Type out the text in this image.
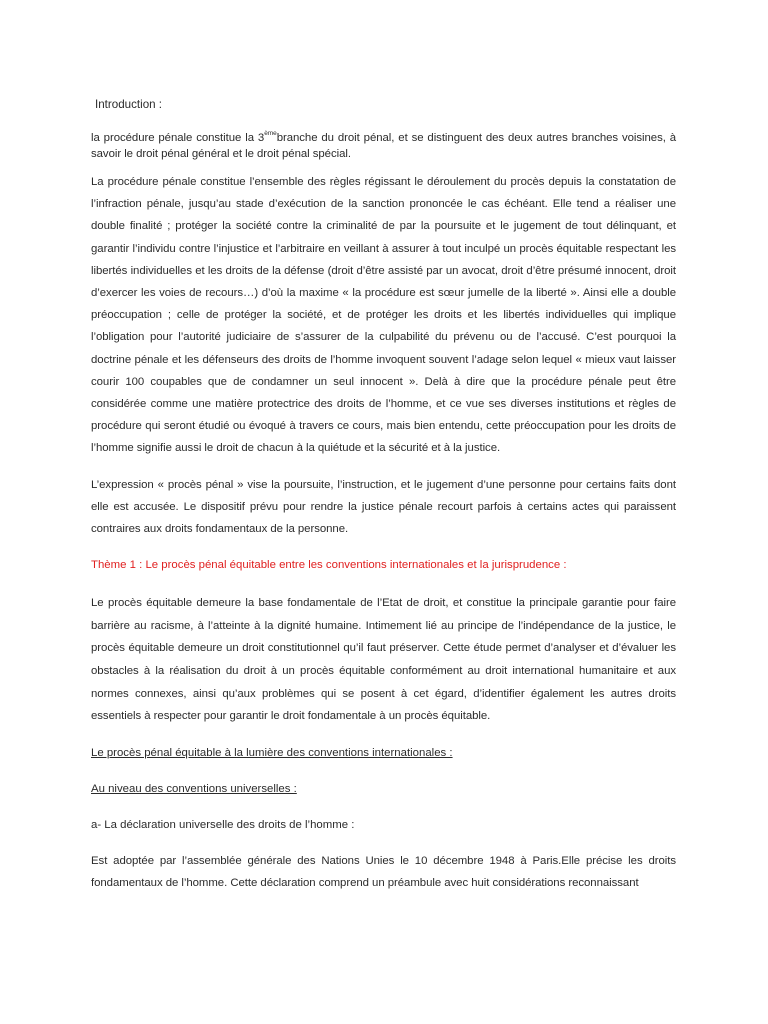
Introduction :

la procédure pénale constitue la 3èmebranche du droit pénal, et se distinguent des deux autres branches voisines, à savoir le droit pénal général et le droit pénal spécial.

La procédure pénale constitue l’ensemble des règles régissant le déroulement du procès depuis la constatation de l’infraction pénale, jusqu’au stade d’exécution de la sanction prononcée le cas échéant. Elle tend a réaliser une double finalité ; protéger la société contre la criminalité de par la poursuite et le jugement de tout délinquant, et garantir l’individu contre l’injustice et l’arbitraire en veillant à assurer à tout inculpé un procès équitable respectant les libertés individuelles et les droits de la défense (droit d’être assisté par un avocat, droit d’être présumé innocent, droit d’exercer les voies de recours…) d’où la maxime « la procédure est sœur jumelle de la liberté ». Ainsi elle a double préoccupation ; celle de protéger la société, et de protéger les droits et les libertés individuelles qui implique l’obligation pour l’autorité judiciaire de s’assurer de la culpabilité du prévenu ou de l’accusé. C’est pourquoi la doctrine pénale et les défenseurs des droits de l’homme invoquent souvent l’adage selon lequel « mieux vaut laisser courir 100 coupables que de condamner un seul innocent ». Delà à dire que la procédure pénale peut être considérée comme une matière protectrice des droits de l’homme, et ce vue ses diverses institutions et règles de procédure qui seront étudié ou évoqué à travers ce cours, mais bien entendu, cette préoccupation pour les droits de l’homme signifie aussi le droit de chacun à la quiétude et la sécurité et à la justice.

L’expression « procès pénal » vise la poursuite, l’instruction, et le jugement d’une personne pour certains faits dont elle est accusée. Le dispositif prévu pour rendre la justice pénale recourt parfois à certains actes qui paraissent contraires aux droits fondamentaux de la personne.

Thème 1 : Le procès pénal équitable entre les conventions internationales et la jurisprudence :

Le procès équitable demeure la base fondamentale de l’Etat de droit, et constitue la principale garantie pour faire barrière au racisme, à l’atteinte à la dignité humaine. Intimement lié au principe de l’indépendance de la justice, le procès équitable demeure un droit constitutionnel qu’il faut préserver. Cette étude permet d’analyser et d’évaluer les obstacles à la réalisation du droit à un procès équitable conformément au droit international humanitaire et aux normes connexes, ainsi qu’aux problèmes qui se posent à cet égard, d’identifier également les autres droits essentiels à respecter pour garantir le droit fondamentale à un procès équitable.

Le procès pénal équitable à la lumière des conventions internationales :
Au niveau des conventions universelles :
a- La déclaration universelle des droits de l’homme :

Est adoptée par l’assemblée générale des Nations Unies le 10 décembre 1948 à Paris.Elle précise les droits fondamentaux de l’homme. Cette déclaration comprend un préambule avec huit considérations reconnaissant
